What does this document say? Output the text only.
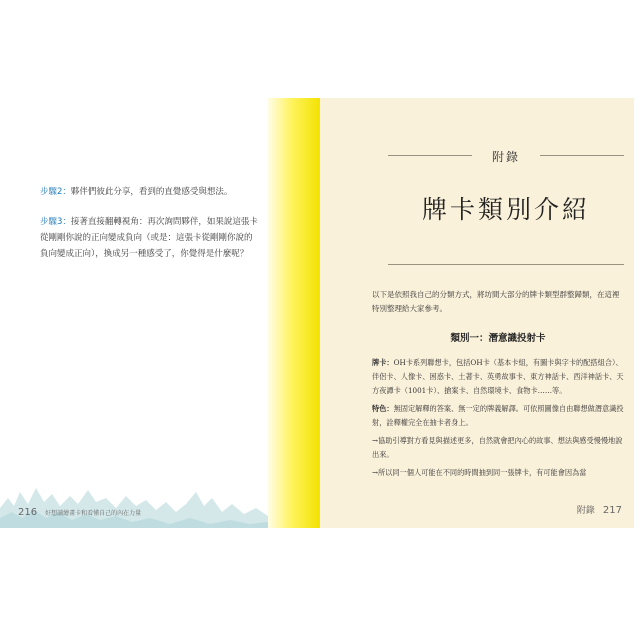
步驟2：夥伴們彼此分享，看到的直覺感受與想法。
步驟3：接著直接翻轉視角：再次詢問夥伴，如果說這張卡從剛剛你說的正向變成負向（或是：這張卡從剛剛你說的負向變成正向），換成另一種感受了，你覺得是什麼呢？
216 好想讀繪畫卡和看懂自己的內在力量
附錄
牌卡類別介紹
以下是依照我自己的分類方式，將坊間大部分的牌卡類型群整歸類，在這裡特別整理給大家參考。
類別一：潛意識投射卡

牌卡：OH卡系列聯想卡，包括OH卡（基本卡組，有圖卡與字卡的配搭組合）、伴侶卡、人像卡、困惑卡、土著卡、英勇故事卡、東方神話卡、西洋神話卡、天方夜譚卡（1001卡）、搶案卡、自然環境卡、食物卡……等。

特色：無固定解釋的答案、無一定的牌義解譯。可依照圖像自由聯想做潛意識投射，詮釋權完全在抽卡者身上。

→協助引導對方看見與描述更多，自然就會把內心的故事、想法與感受慢慢地說出來。

→所以同一個人可能在不同的時間抽到同一張牌卡，有可能會因為當

附錄 217
